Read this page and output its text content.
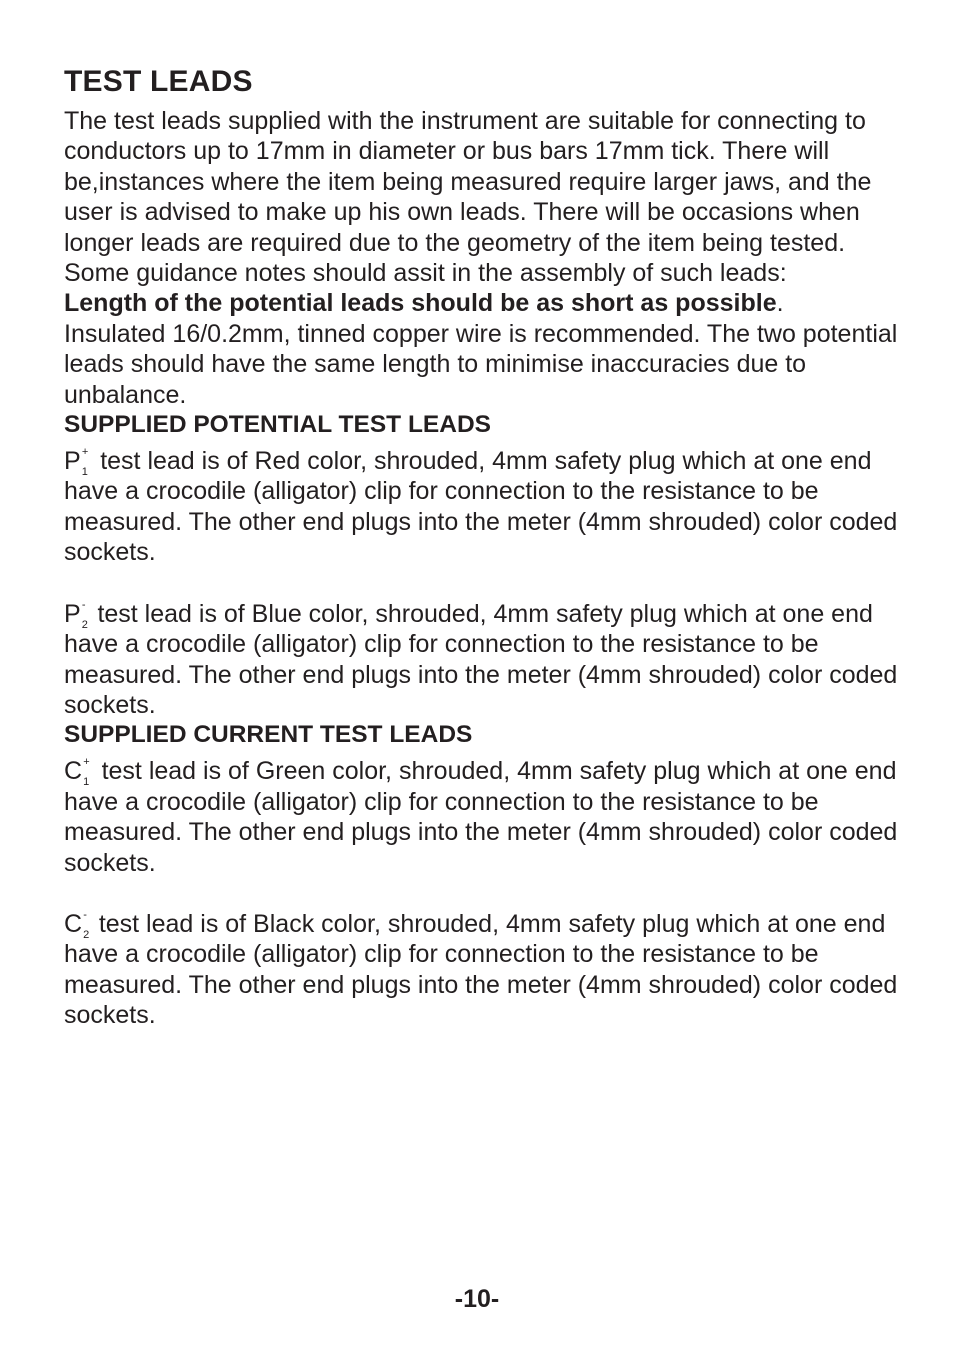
TEST LEADS

The test leads supplied with the instrument are suitable for connecting to conductors up to 17mm in diameter or bus bars 17mm tick. There will be,instances where the item being measured require larger jaws, and the user is advised to make up his own leads. There will be occasions when longer leads are required due to the geometry of the item being tested. Some guidance notes should assit in the assembly of such leads:

Length of the potential leads should be as short as possible.

Insulated 16/0.2mm, tinned copper wire is recommended. The two potential leads should have the same length to minimise inaccuracies due to unbalance.

SUPPLIED POTENTIAL TEST LEADS

$P_1^+$ test lead is of Red color, shrouded, 4mm safety plug which at one end have a crocodile (alligator) clip for connection to the resistance to be measured. The other end plugs into the meter (4mm shrouded) color coded sockets.

$P_2^-$ test lead is of Blue color, shrouded, 4mm safety plug which at one end have a crocodile (alligator) clip for connection to the resistance to be measured. The other end plugs into the meter (4mm shrouded) color coded sockets.

SUPPLIED CURRENT TEST LEADS

$C_1^+$ test lead is of Green color, shrouded, 4mm safety plug which at one end have a crocodile (alligator) clip for connection to the resistance to be measured. The other end plugs into the meter (4mm shrouded) color coded sockets.

$C_2^-$ test lead is of Black color, shrouded, 4mm safety plug which at one end have a crocodile (alligator) clip for connection to the resistance to be measured. The other end plugs into the meter (4mm shrouded) color coded sockets.

-10-
